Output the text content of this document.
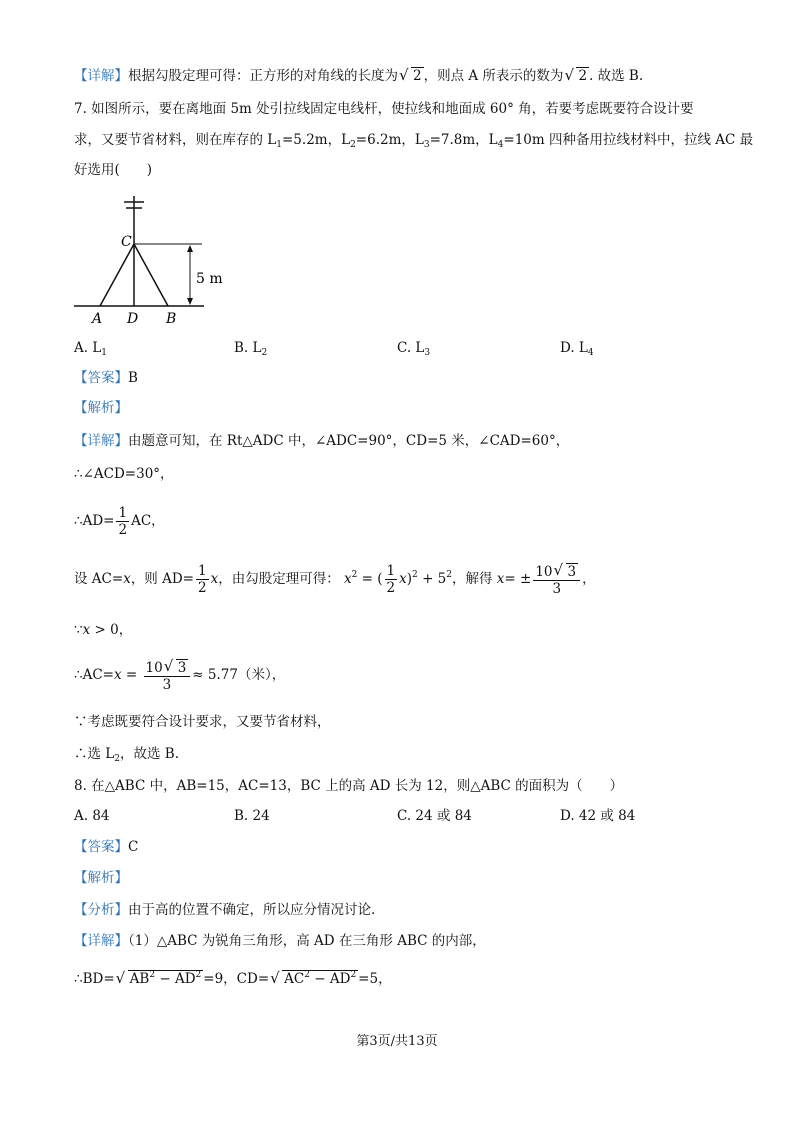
【详解】根据勾股定理可得：正方形的对角线的长度为 √ 2 ，则点 A 所表示的数为 √ 2 . 故选 B.
7. 如图所示，要在离地面 5m 处引拉线固定电线杆，使拉线和地面成 60° 角，若要考虑既要符合设计要
求，又要节省材料，则在库存的 $L_1=5.2m$，$L_2=6.2m$，$L_3=7.8m$，$L_4=10m$ 四种备用拉线材料中，拉线 AC 最
好选用(　　)
C
A D B
5 m
A. $L_1$	B. $L_2$	C. $L_3$	D. $L_4$
【答案】B
【解析】
【详解】由题意可知，在 Rt△ADC 中，∠ADC=90°，CD=5 米，∠CAD=60°，
∴∠ACD=30°，
∴AD= $\frac{1}{2}$ AC，
设 AC=x，则 $AD= \frac{1}{2}$ x，由勾股定理可得： $x^2$ = ( $\frac{1}{2} x)^2 + 5^2$，解得 $x= \pm \frac{10 √ 3}{3}$ ，
∵x > 0，
∴AC=x = $\frac{10 √ 3}{3} \approx 5.77$（米），
∵考虑既要符合设计要求，又要节省材料，
∴选 $L_2$，故选 B.
8. 在△ABC 中，AB=15，AC=13，BC 上的高 AD 长为 12，则△ABC 的面积为（　　）
A. 84	B. 24	C. 24 或 84	D. 42 或 84
【答案】C
【解析】
【分析】由于高的位置不确定，所以应分情况讨论.
【详解】（1）△ABC 为锐角三角形，高 AD 在三角形 ABC 的内部，
∴BD= √ $AB^2 - AD^2 =9$，CD= √ $AC^2 - AD^2 =5$，
第3页/共13页
